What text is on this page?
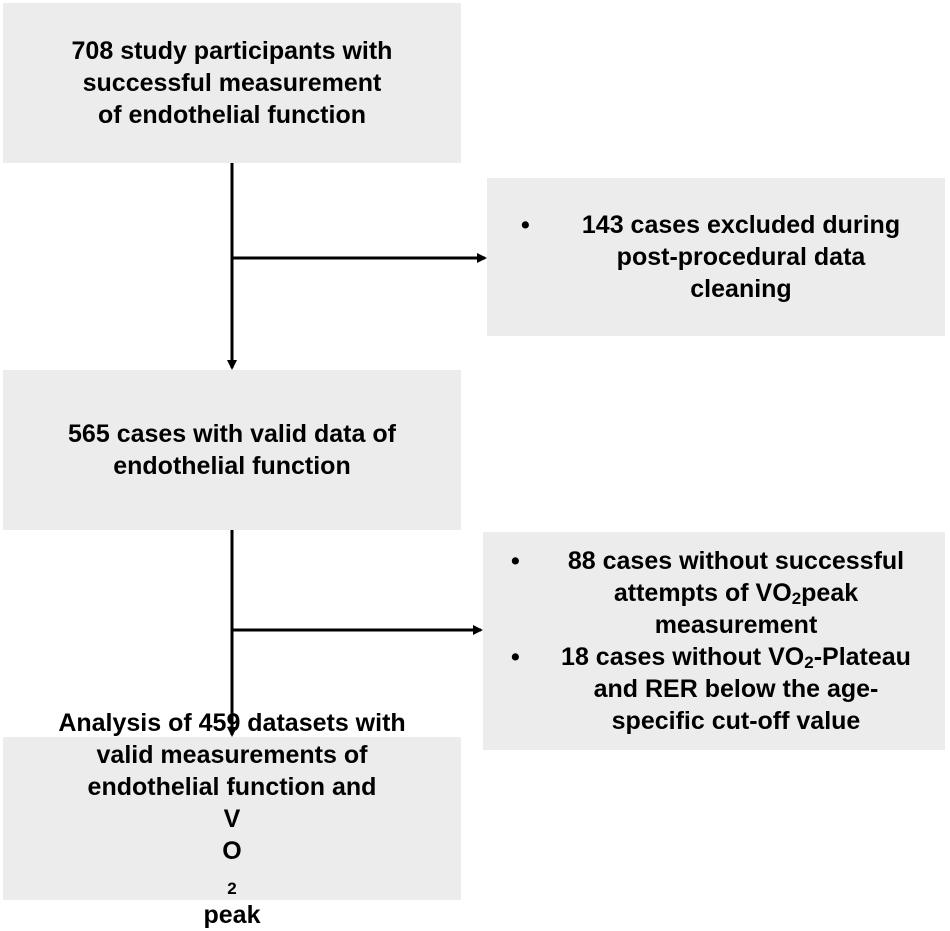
708 study participants with
successful measurement
of endothelial function
•	143 cases excluded during
post-procedural data
cleaning
565 cases with valid data of
endothelial function
•	88 cases without successful
attempts of ˙ $VO_2peak$
measurement
•	18 cases without ˙ $VO_2$-Plateau
and RER below the age-
specific cut-off value
Analysis of 459 datasets with
valid measurements of
endothelial function and
˙ V
O
$_2$
peak
